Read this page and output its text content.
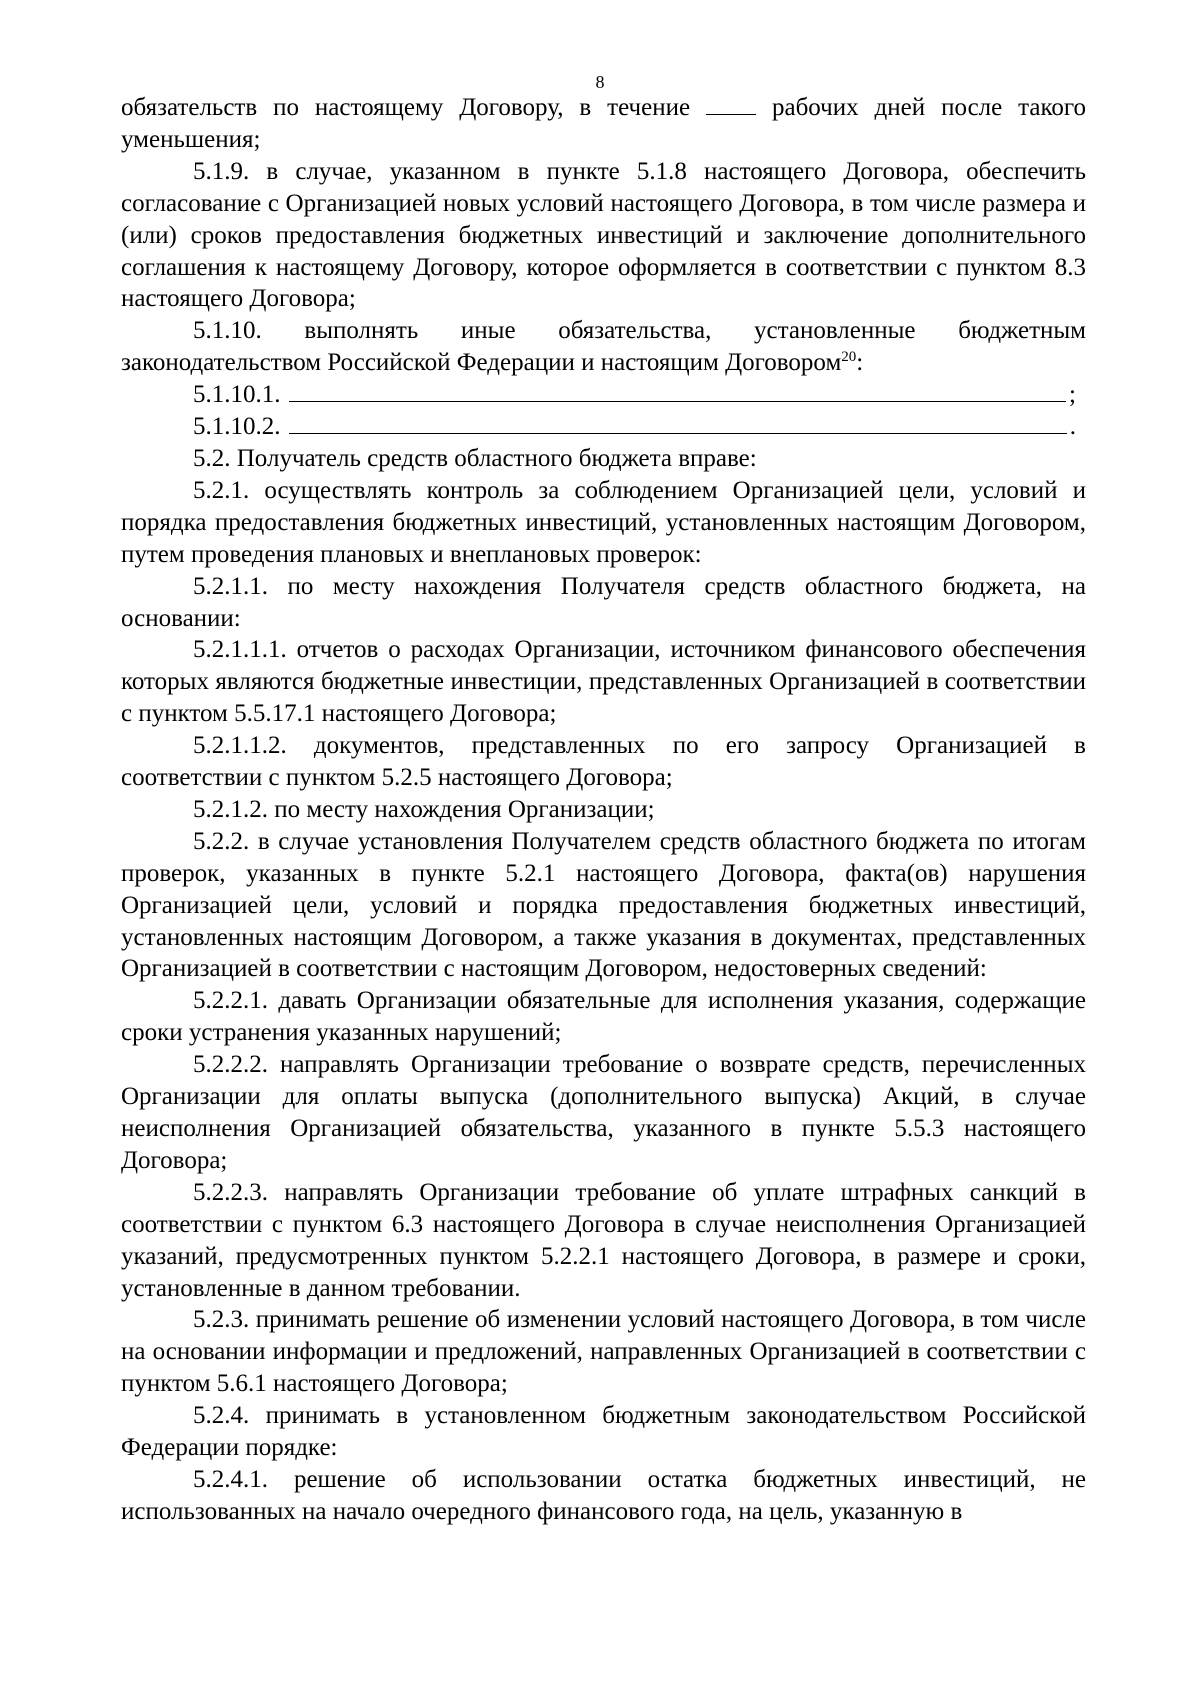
8

обязательств по настоящему Договору, в течение	рабочих дней после такого уменьшения;

5.1.9. в случае, указанном в пункте 5.1.8 настоящего Договора, обеспечить согласование с Организацией новых условий настоящего Договора, в том числе размера и (или) сроков предоставления бюджетных инвестиций и заключение дополнительного соглашения к настоящему Договору, которое оформляется в соответствии с пунктом 8.3 настоящего Договора;

5.1.10. выполнять иные обязательства, установленные бюджетным законодательством Российской Федерации и настоящим Договором$^{20}$:

5.1.10.1.	;
5.1.10.2.	.

5.2. Получатель средств областного бюджета вправе:

5.2.1. осуществлять контроль за соблюдением Организацией цели, условий и порядка предоставления бюджетных инвестиций, установленных настоящим Договором, путем проведения плановых и внеплановых проверок:

5.2.1.1. по месту нахождения Получателя средств областного бюджета, на основании:

5.2.1.1.1. отчетов о расходах Организации, источником финансового обеспечения которых являются бюджетные инвестиции, представленных Организацией в соответствии с пунктом 5.5.17.1 настоящего Договора;

5.2.1.1.2. документов, представленных по его запросу Организацией в соответствии с пунктом 5.2.5 настоящего Договора;

5.2.1.2. по месту нахождения Организации;

5.2.2. в случае установления Получателем средств областного бюджета по итогам проверок, указанных в пункте 5.2.1 настоящего Договора, факта(ов) нарушения Организацией цели, условий и порядка предоставления бюджетных инвестиций, установленных настоящим Договором, а также указания в документах, представленных Организацией в соответствии с настоящим Договором, недостоверных сведений:

5.2.2.1. давать Организации обязательные для исполнения указания, содержащие сроки устранения указанных нарушений;

5.2.2.2. направлять Организации требование о возврате средств, перечисленных Организации для оплаты выпуска (дополнительного выпуска) Акций, в случае неисполнения Организацией обязательства, указанного в пункте 5.5.3 настоящего Договора;

5.2.2.3. направлять Организации требование об уплате штрафных санкций в соответствии с пунктом 6.3 настоящего Договора в случае неисполнения Организацией указаний, предусмотренных пунктом 5.2.2.1 настоящего Договора, в размере и сроки, установленные в данном требовании.

5.2.3. принимать решение об изменении условий настоящего Договора, в том числе на основании информации и предложений, направленных Организацией в соответствии с пунктом 5.6.1 настоящего Договора;

5.2.4. принимать в установленном бюджетным законодательством Российской Федерации порядке:

5.2.4.1. решение об использовании остатка бюджетных инвестиций, не использованных на начало очередного финансового года, на цель, указанную в
